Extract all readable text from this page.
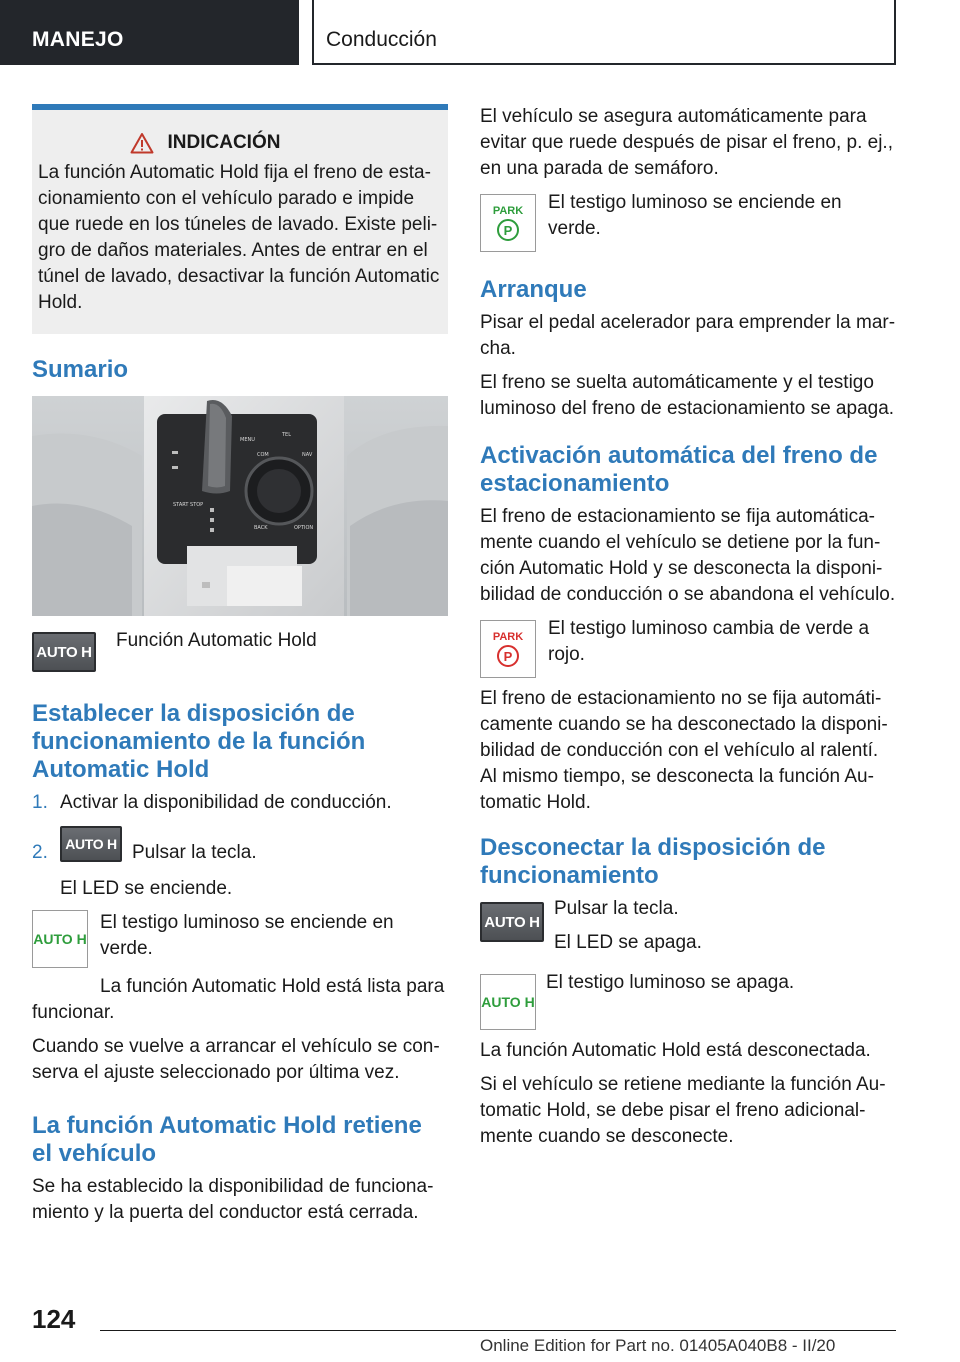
MANEJO	Conducción
INDICACIÓN

La función Automatic Hold fija el freno de esta-cionamiento con el vehículo parado e impide que ruede en los túneles de lavado. Existe peli-gro de daños materiales. Antes de entrar en el túnel de lavado, desactivar la función Automatic Hold.

Sumario
START STOP
MENU
COM	NAV
BACK	OPTION
TEL
AUTO H
Función Automatic Hold
Establecer la disposición de funcionamiento de la función Automatic Hold
1. Activar la disponibilidad de conducción.
2.	AUTO H Pulsar la tecla.

El LED se enciende.

AUTO H
El testigo luminoso se enciende en verde.

La función Automatic Hold está lista para funcionar.

Cuando se vuelve a arrancar el vehículo se con-serva el ajuste seleccionado por última vez.

La función Automatic Hold retiene el vehículo

Se ha establecido la disponibilidad de funciona-miento y la puerta del conductor está cerrada.

El vehículo se asegura automáticamente para evitar que ruede después de pisar el freno, p. ej., en una parada de semáforo.

PARK
P
El testigo luminoso se enciende en verde.
Arranque

Pisar el pedal acelerador para emprender la mar-cha.

El freno se suelta automáticamente y el testigo luminoso del freno de estacionamiento se apaga.

Activación automática del freno de estacionamiento

El freno de estacionamiento se fija automática-mente cuando el vehículo se detiene por la fun-ción Automatic Hold y se desconecta la disponi-bilidad de conducción o se abandona el vehículo.

PARK
P
El testigo luminoso cambia de verde a rojo.

El freno de estacionamiento no se fija automáti-camente cuando se ha desconectado la disponi-bilidad de conducción con el vehículo al ralentí. Al mismo tiempo, se desconecta la función Au-tomatic Hold.

Desconectar la disposición de funcionamiento
AUTO H

Pulsar la tecla.

El LED se apaga.

AUTO H
El testigo luminoso se apaga.

La función Automatic Hold está desconectada.

Si el vehículo se retiene mediante la función Au-tomatic Hold, se debe pisar el freno adicional-mente cuando se desconecte.

124
Online Edition for Part no. 01405A040B8 - II/20
